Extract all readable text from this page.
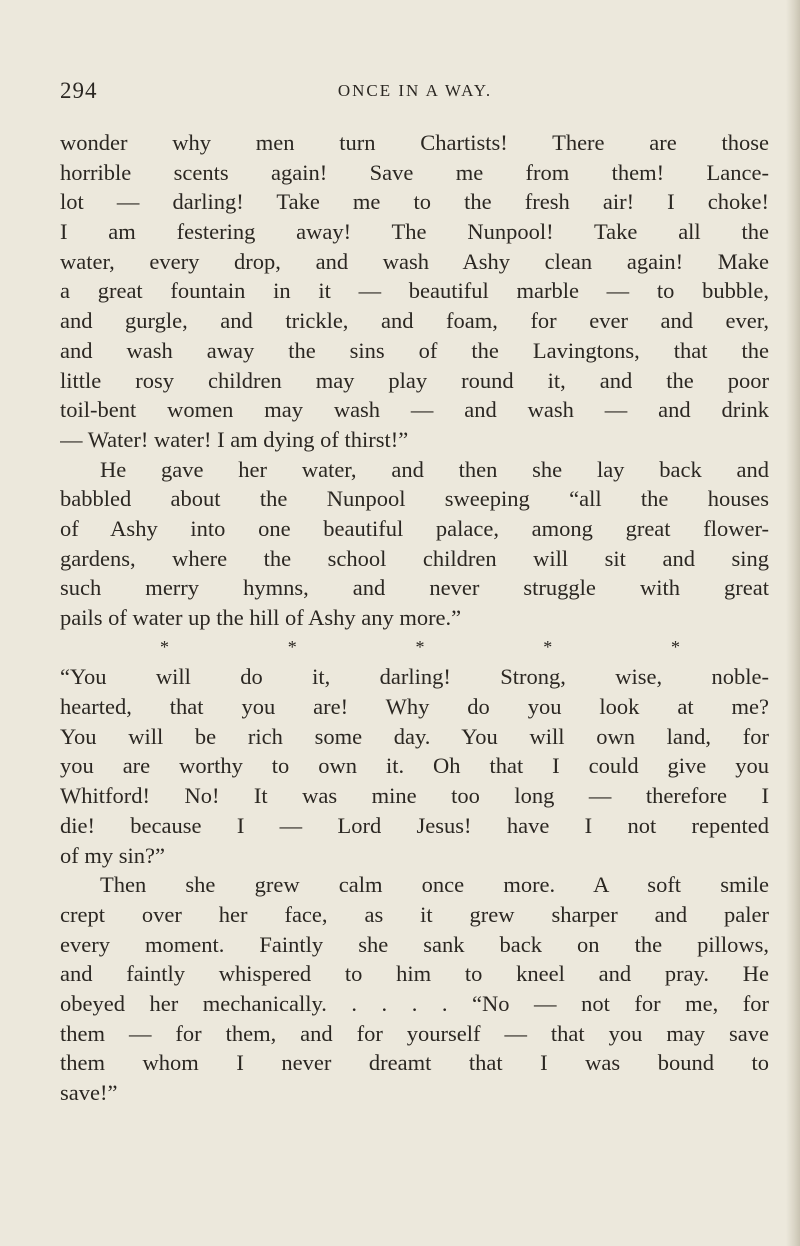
294	ONCE IN A WAY.
wonder why men turn Chartists! There are those
horrible scents again! Save me from them! Lance-
lot — darling! Take me to the fresh air! I choke!
I am festering away! The Nunpool! Take all the
water, every drop, and wash Ashy clean again! Make
a great fountain in it — beautiful marble — to bubble,
and gurgle, and trickle, and foam, for ever and ever,
and wash away the sins of the Lavingtons, that the
little rosy children may play round it, and the poor
toil-bent women may wash — and wash — and drink
— Water! water! I am dying of thirst!”
He gave her water, and then she lay back and
babbled about the Nunpool sweeping “all the houses
of Ashy into one beautiful palace, among great flower-
gardens, where the school children will sit and sing
such merry hymns, and never struggle with great
pails of water up the hill of Ashy any more.”
*	*	*	*	*
“You will do it, darling! Strong, wise, noble-
hearted, that you are! Why do you look at me?
You will be rich some day. You will own land, for
you are worthy to own it. Oh that I could give you
Whitford! No! It was mine too long — therefore I
die! because I — Lord Jesus! have I not repented
of my sin?”
Then she grew calm once more. A soft smile
crept over her face, as it grew sharper and paler
every moment. Faintly she sank back on the pillows,
and faintly whispered to him to kneel and pray. He
obeyed her mechanically. . . . . “No — not for me, for
them — for them, and for yourself — that you may save
them whom I never dreamt that I was bound to
save!”
